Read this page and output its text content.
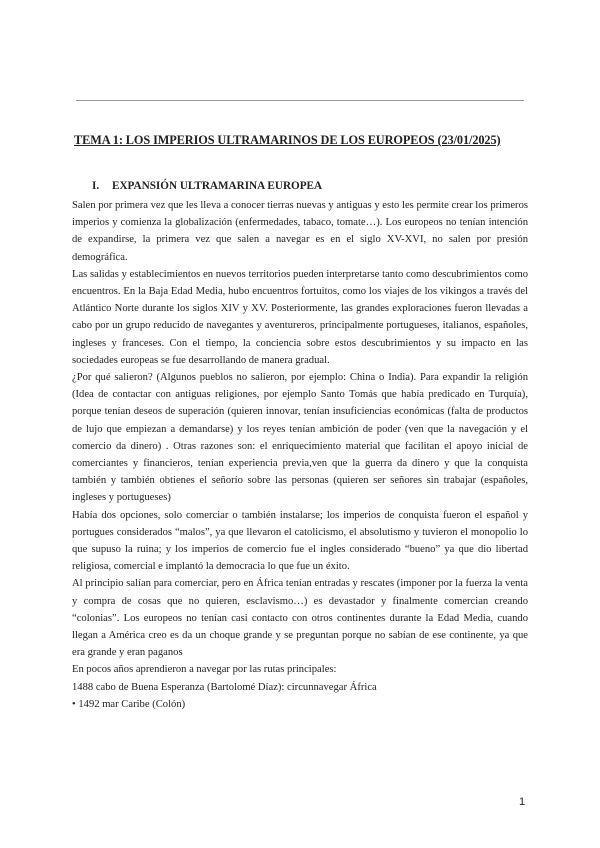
TEMA 1: LOS IMPERIOS ULTRAMARINOS DE LOS EUROPEOS (23/01/2025)
I. EXPANSIÓN ULTRAMARINA EUROPEA

Salen por primera vez que les lleva a conocer tierras nuevas y antiguas y esto les permite crear los primeros imperios y comienza la globalización (enfermedades, tabaco, tomate…). Los europeos no tenían intención de expandirse, la primera vez que salen a navegar es en el siglo XV-XVI, no salen por presión demográfica.

Las salidas y establecimientos en nuevos territorios pueden interpretarse tanto como descubrimientos como encuentros. En la Baja Edad Media, hubo encuentros fortuitos, como los viajes de los vikingos a través del Atlántico Norte durante los siglos XIV y XV. Posteriormente, las grandes exploraciones fueron llevadas a cabo por un grupo reducido de navegantes y aventureros, principalmente portugueses, italianos, españoles, ingleses y franceses. Con el tiempo, la conciencia sobre estos descubrimientos y su impacto en las sociedades europeas se fue desarrollando de manera gradual.

¿Por qué salieron? (Algunos pueblos no salieron, por ejemplo: China o India). Para expandir la religión (Idea de contactar con antiguas religiones, por ejemplo Santo Tomás que había predicado en Turquía), porque tenían deseos de superación (quieren innovar, tenían insuficiencias económicas (falta de productos de lujo que empiezan a demandarse) y los reyes tenían ambición de poder (ven que la navegación y el comercio da dinero) . Otras razones son: el enriquecimiento material que facilitan el apoyo inicial de comerciantes y financieros, tenían experiencia previa,ven que la guerra da dinero y que la conquista también y también obtienes el señorío sobre las personas (quieren ser señores sin trabajar (españoles, ingleses y portugueses)

Había dos opciones, solo comerciar o también instalarse; los imperios de conquista fueron el español y portugues considerados “malos”, ya que llevaron el catolicismo, el absolutismo y tuvieron el monopolio lo que supuso la ruina; y los imperios de comercio fue el ingles considerado “bueno” ya que dio libertad religiosa, comercial e implantó la democracia lo que fue un éxito.

Al principio salían para comerciar, pero en África tenían entradas y rescates (imponer por la fuerza la venta y compra de cosas que no quieren, esclavismo…) es devastador y finalmente comercian creando “colonias”. Los europeos no tenían casi contacto con otros continentes durante la Edad Media, cuando llegan a América creo es da un choque grande y se preguntan porque no sabían de ese continente, ya que era grande y eran paganos

En pocos años aprendieron a navegar por las rutas principales:

1488 cabo de Buena Esperanza (Bartolomé Díaz): circunnavegar África

• 1492 mar Caribe (Colón)

1
